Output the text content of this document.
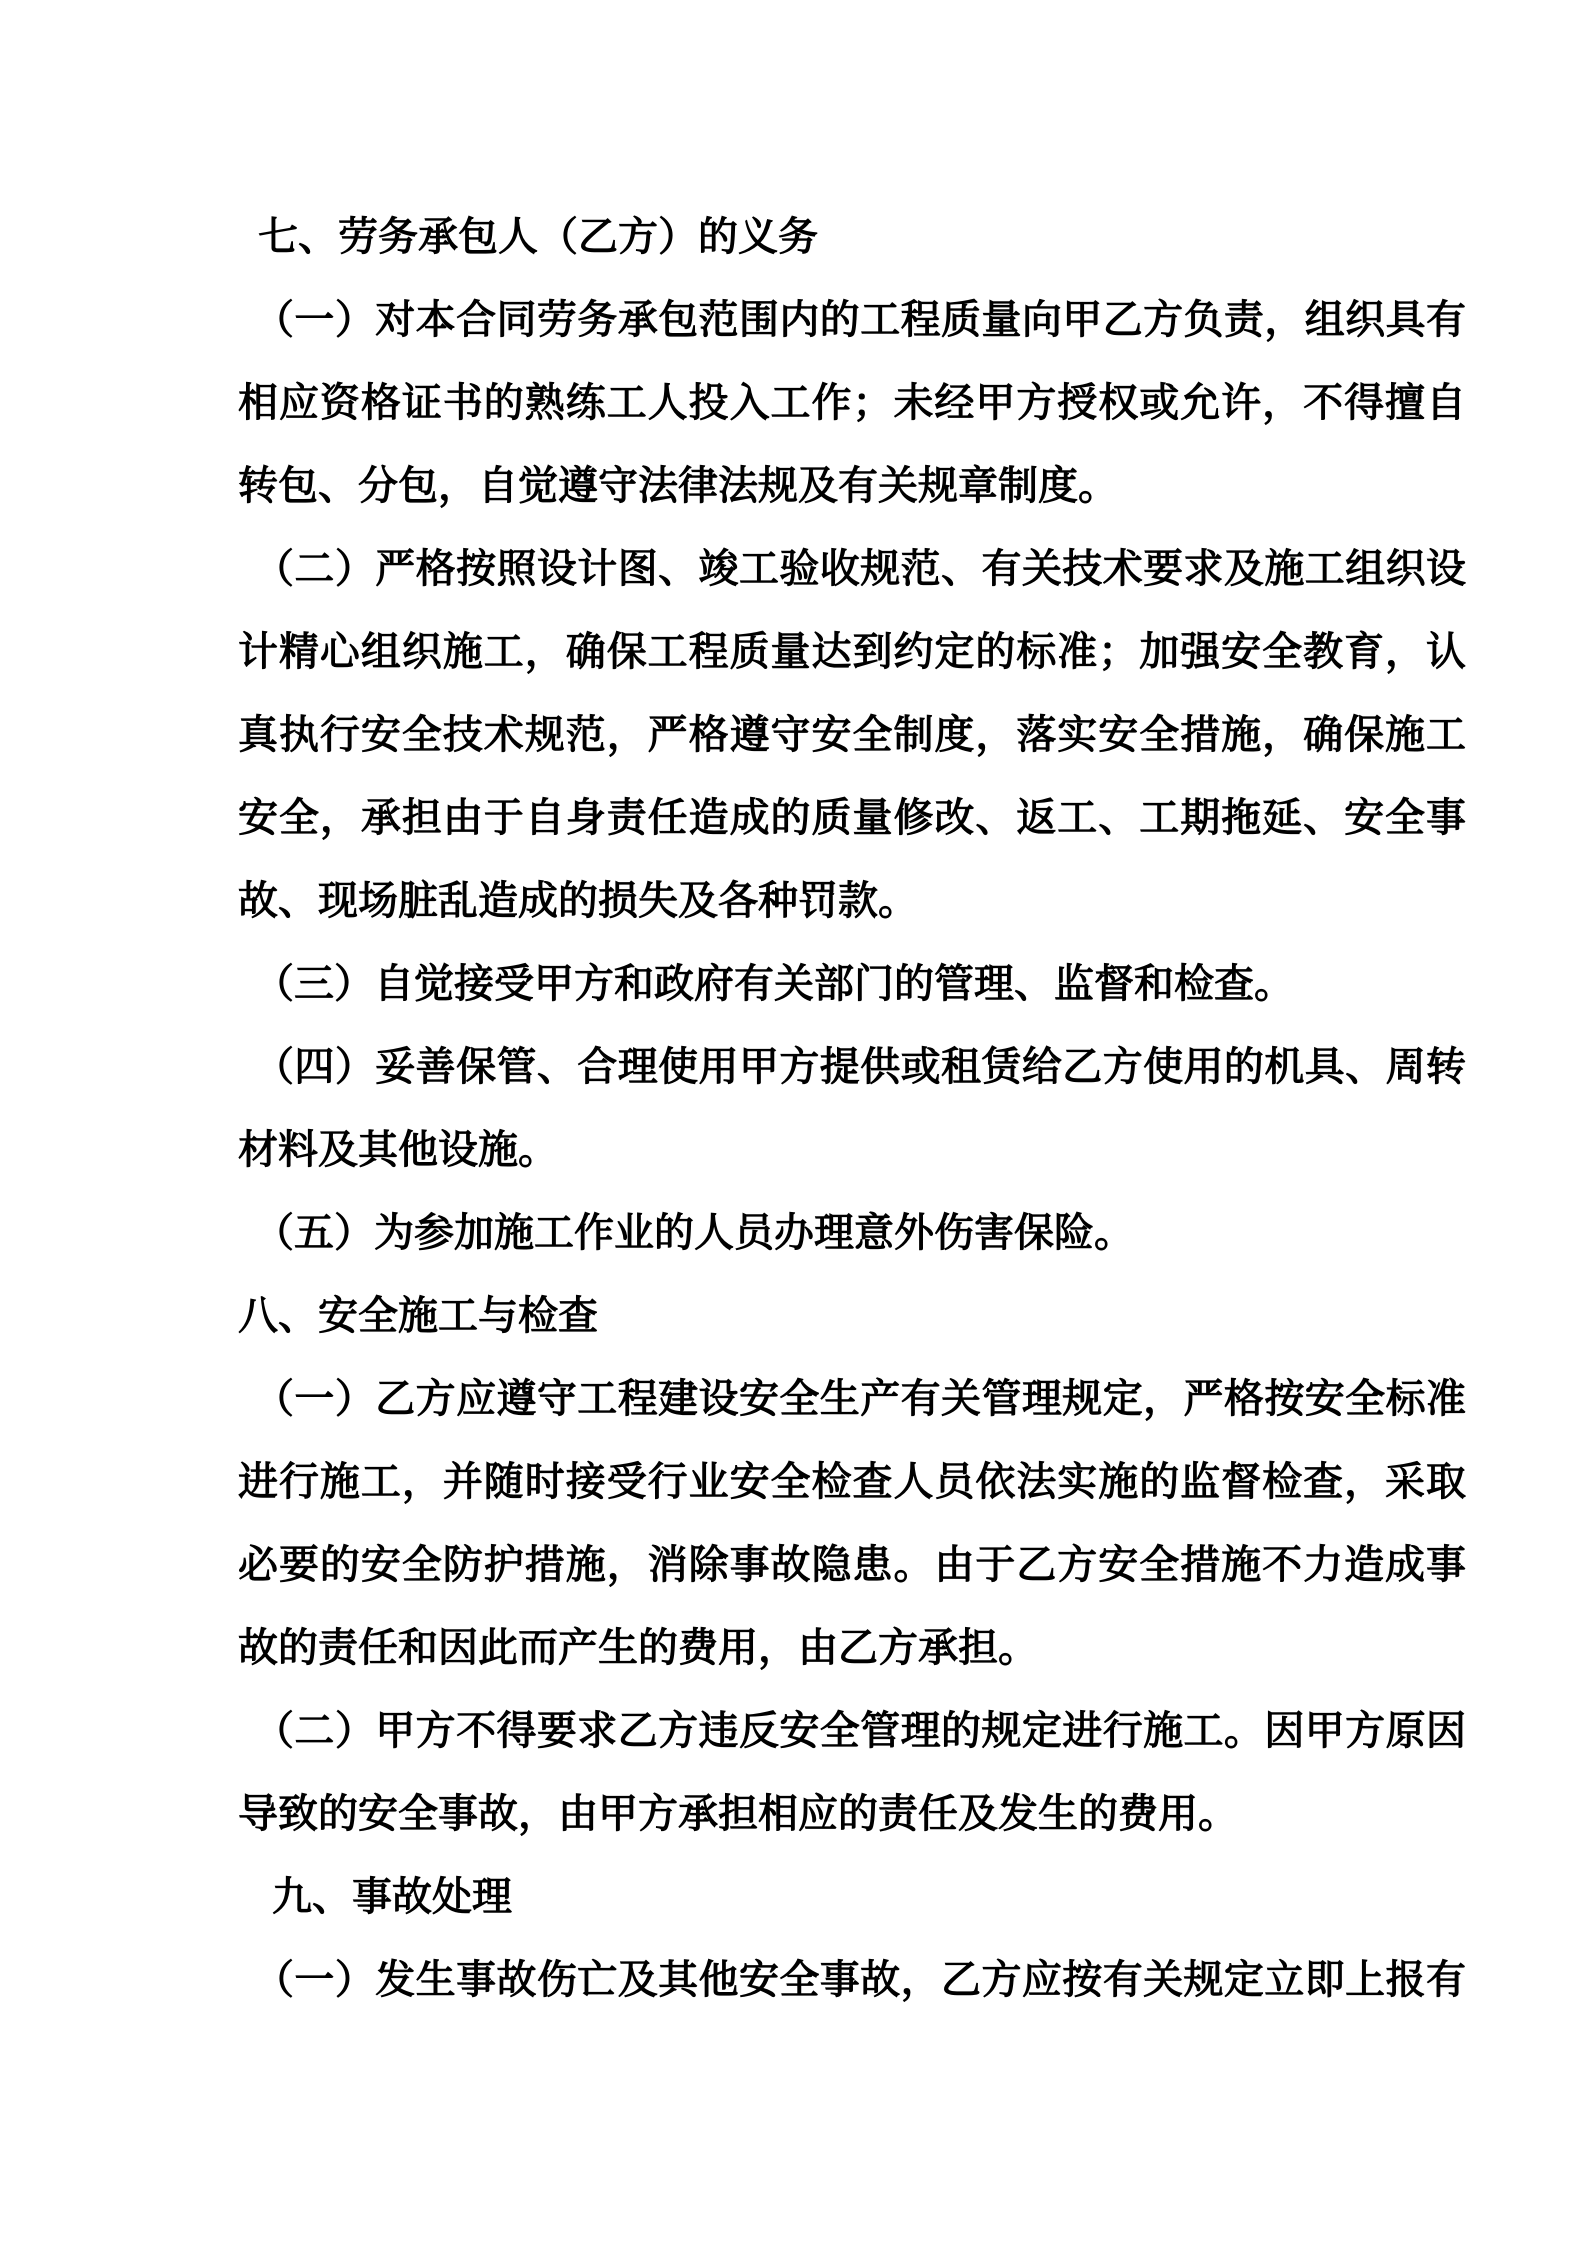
七、劳务承包人（乙方）的义务
（一）对本合同劳务承包范围内的工程质量向甲乙方负责，组织具有
相应资格证书的熟练工人投入工作；未经甲方授权或允许，不得擅自
转包、分包，自觉遵守法律法规及有关规章制度。
（二）严格按照设计图、竣工验收规范、有关技术要求及施工组织设
计精心组织施工，确保工程质量达到约定的标准；加强安全教育，认
真执行安全技术规范，严格遵守安全制度，落实安全措施，确保施工
安全，承担由于自身责任造成的质量修改、返工、工期拖延、安全事
故、现场脏乱造成的损失及各种罚款。
（三）自觉接受甲方和政府有关部门的管理、监督和检查。
（四）妥善保管、合理使用甲方提供或租赁给乙方使用的机具、周转
材料及其他设施。
（五）为参加施工作业的人员办理意外伤害保险。
八、安全施工与检查
（一）乙方应遵守工程建设安全生产有关管理规定，严格按安全标准
进行施工，并随时接受行业安全检查人员依法实施的监督检查，采取
必要的安全防护措施，消除事故隐患。由于乙方安全措施不力造成事
故的责任和因此而产生的费用，由乙方承担。
（二）甲方不得要求乙方违反安全管理的规定进行施工。因甲方原因
导致的安全事故，由甲方承担相应的责任及发生的费用。
九、事故处理
（一）发生事故伤亡及其他安全事故，乙方应按有关规定立即上报有
